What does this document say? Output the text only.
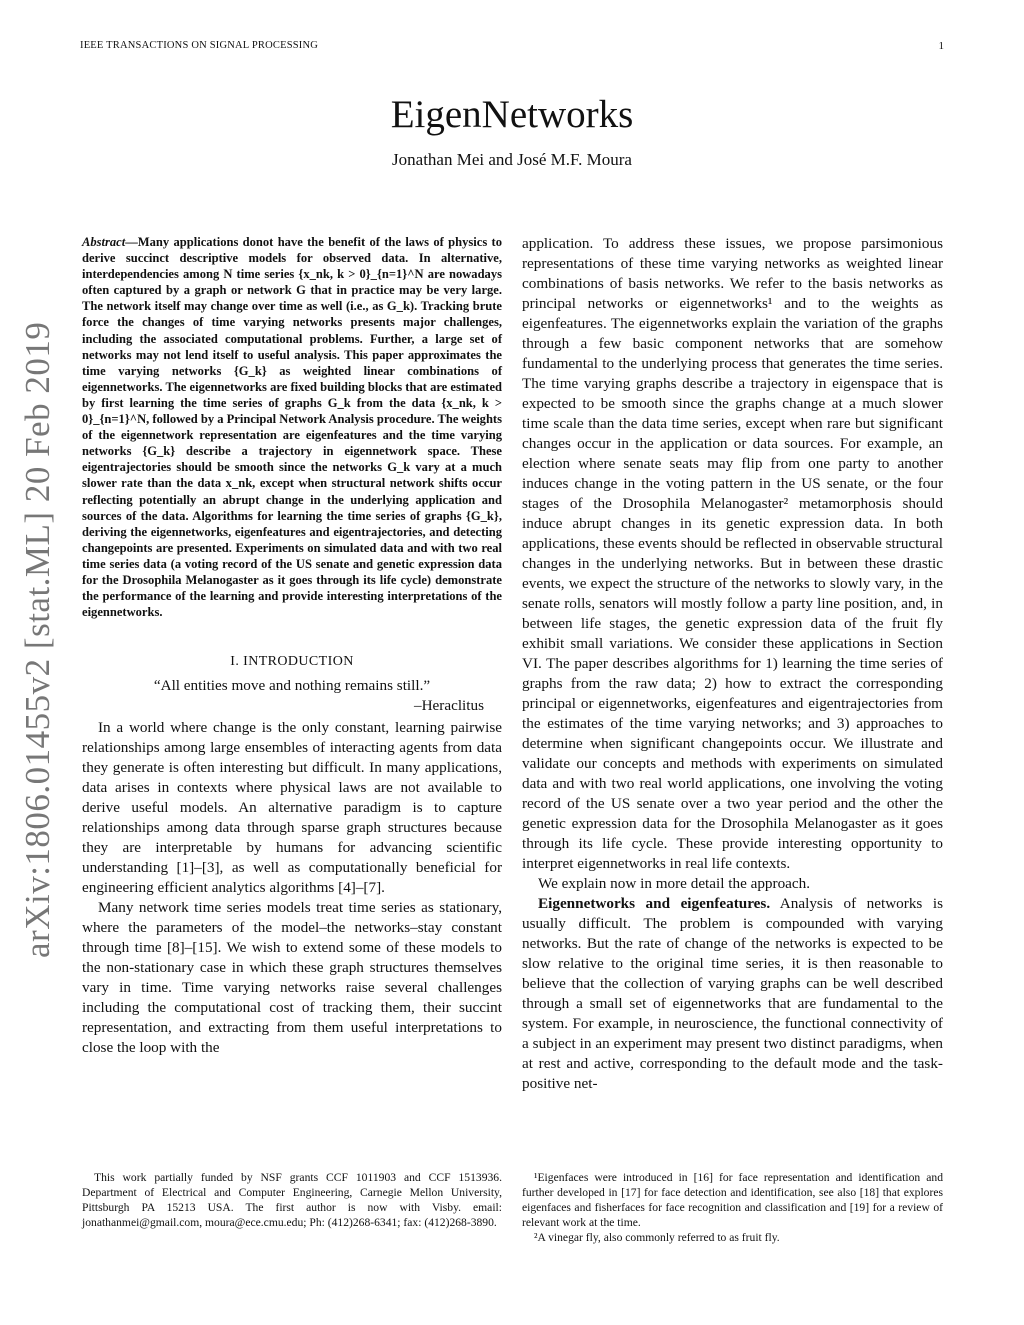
IEEE TRANSACTIONS ON SIGNAL PROCESSING	1
arXiv:1806.01455v2 [stat.ML] 20 Feb 2019
EigenNetworks
Jonathan Mei and José M.F. Moura

Abstract—Many applications donot have the benefit of the laws of physics to derive succinct descriptive models for observed data. In alternative, interdependencies among N time series {x_nk, k > 0}_{n=1}^N are nowadays often captured by a graph or network G that in practice may be very large. The network itself may change over time as well (i.e., as G_k). Tracking brute force the changes of time varying networks presents major challenges, including the associated computational problems. Further, a large set of networks may not lend itself to useful analysis. This paper approximates the time varying networks {G_k} as weighted linear combinations of eigennetworks. The eigennetworks are fixed building blocks that are estimated by first learning the time series of graphs G_k from the data {x_nk, k > 0}_{n=1}^N, followed by a Principal Network Analysis procedure. The weights of the eigennetwork representation are eigenfeatures and the time varying networks {G_k} describe a trajectory in eigennetwork space. These eigentrajectories should be smooth since the networks G_k vary at a much slower rate than the data x_nk, except when structural network shifts occur reflecting potentially an abrupt change in the underlying application and sources of the data. Algorithms for learning the time series of graphs {G_k}, deriving the eigennetworks, eigenfeatures and eigentrajectories, and detecting changepoints are presented. Experiments on simulated data and with two real time series data (a voting record of the US senate and genetic expression data for the Drosophila Melanogaster as it goes through its life cycle) demonstrate the performance of the learning and provide interesting interpretations of the eigennetworks.

I. INTRODUCTION

“All entities move and nothing remains still.”

–Heraclitus

In a world where change is the only constant, learning pairwise relationships among large ensembles of interacting agents from data they generate is often interesting but difficult. In many applications, data arises in contexts where physical laws are not available to derive useful models. An alternative paradigm is to capture relationships among data through sparse graph structures because they are interpretable by humans for advancing scientific understanding [1]–[3], as well as computationally beneficial for engineering efficient analytics algorithms [4]–[7].

Many network time series models treat time series as stationary, where the parameters of the model–the networks–stay constant through time [8]–[15]. We wish to extend some of these models to the non-stationary case in which these graph structures themselves vary in time. Time varying networks raise several challenges including the computational cost of tracking them, their succint representation, and extracting from them useful interpretations to close the loop with the

application. To address these issues, we propose parsimonious representations of these time varying networks as weighted linear combinations of basis networks. We refer to the basis networks as principal networks or eigennetworks¹ and to the weights as eigenfeatures. The eigennetworks explain the variation of the graphs through a few basic component networks that are somehow fundamental to the underlying process that generates the time series. The time varying graphs describe a trajectory in eigenspace that is expected to be smooth since the graphs change at a much slower time scale than the data time series, except when rare but significant changes occur in the application or data sources. For example, an election where senate seats may flip from one party to another induces change in the voting pattern in the US senate, or the four stages of the Drosophila Melanogaster² metamorphosis should induce abrupt changes in its genetic expression data. In both applications, these events should be reflected in observable structural changes in the underlying networks. But in between these drastic events, we expect the structure of the networks to slowly vary, in the senate rolls, senators will mostly follow a party line position, and, in between life stages, the genetic expression data of the fruit fly exhibit small variations. We consider these applications in Section VI. The paper describes algorithms for 1) learning the time series of graphs from the raw data; 2) how to extract the corresponding principal or eigennetworks, eigenfeatures and eigentrajectories from the estimates of the time varying networks; and 3) approaches to determine when significant changepoints occur. We illustrate and validate our concepts and methods with experiments on simulated data and with two real world applications, one involving the voting record of the US senate over a two year period and the other the genetic expression data for the Drosophila Melanogaster as it goes through its life cycle. These provide interesting opportunity to interpret eigennetworks in real life contexts.

We explain now in more detail the approach.

Eigennetworks and eigenfeatures. Analysis of networks is usually difficult. The problem is compounded with varying networks. But the rate of change of the networks is expected to be slow relative to the original time series, it is then reasonable to believe that the collection of varying graphs can be well described through a small set of eigennetworks that are fundamental to the system. For example, in neuroscience, the functional connectivity of a subject in an experiment may present two distinct paradigms, when at rest and active, corresponding to the default mode and the task-positive net-

This work partially funded by NSF grants CCF 1011903 and CCF 1513936. Department of Electrical and Computer Engineering, Carnegie Mellon University, Pittsburgh PA 15213 USA. The first author is now with Visby. email: jonathanmei@gmail.com, moura@ece.cmu.edu; Ph: (412)268-6341; fax: (412)268-3890.

¹Eigenfaces were introduced in [16] for face representation and identification and further developed in [17] for face detection and identification, see also [18] that explores eigenfaces and fisherfaces for face recognition and classification and [19] for a review of relevant work at the time.

²A vinegar fly, also commonly referred to as fruit fly.
